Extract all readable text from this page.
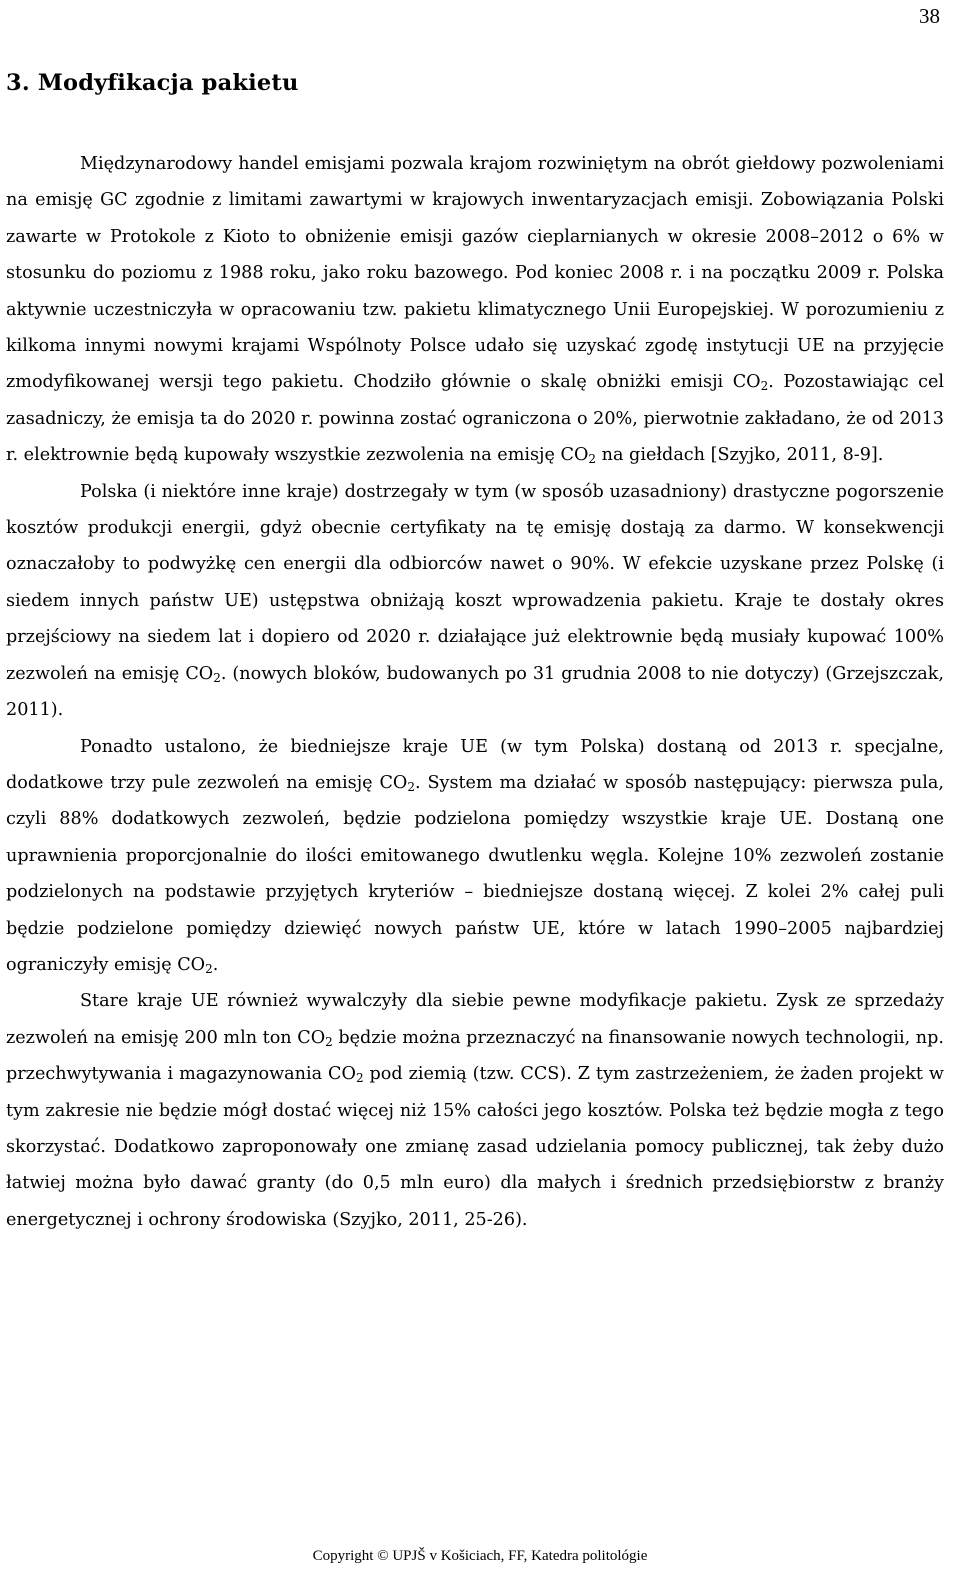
38
3. Modyfikacja pakietu

Międzynarodowy handel emisjami pozwala krajom rozwiniętym na obrót giełdowy pozwoleniami na emisję GC zgodnie z limitami zawartymi w krajowych inwentaryzacjach emisji. Zobowiązania Polski zawarte w Protokole z Kioto to obniżenie emisji gazów cieplarnianych w okresie 2008–2012 o 6% w stosunku do poziomu z 1988 roku, jako roku bazowego. Pod koniec 2008 r. i na początku 2009 r. Polska aktywnie uczestniczyła w opracowaniu tzw. pakietu klimatycznego Unii Europejskiej. W porozumieniu z kilkoma innymi nowymi krajami Wspólnoty Polsce udało się uzyskać zgodę instytucji UE na przyjęcie zmodyfikowanej wersji tego pakietu. Chodziło głównie o skalę obniżki emisji $CO_2$. Pozostawiając cel zasadniczy, że emisja ta do 2020 r. powinna zostać ograniczona o 20%, pierwotnie zakładano, że od 2013 r. elektrownie będą kupowały wszystkie zezwolenia na emisję $CO_2$ na giełdach [Szyjko, 2011, 8-9].

Polska (i niektóre inne kraje) dostrzegały w tym (w sposób uzasadniony) drastyczne pogorszenie kosztów produkcji energii, gdyż obecnie certyfikaty na tę emisję dostają za darmo. W konsekwencji oznaczałoby to podwyżkę cen energii dla odbiorców nawet o 90%. W efekcie uzyskane przez Polskę (i siedem innych państw UE) ustępstwa obniżają koszt wprowadzenia pakietu. Kraje te dostały okres przejściowy na siedem lat i dopiero od 2020 r. działające już elektrownie będą musiały kupować 100% zezwoleń na emisję $CO_2$. (nowych bloków, budowanych po 31 grudnia 2008 to nie dotyczy) (Grzejszczak, 2011).

Ponadto ustalono, że biedniejsze kraje UE (w tym Polska) dostaną od 2013 r. specjalne, dodatkowe trzy pule zezwoleń na emisję $CO_2$. System ma działać w sposób następujący: pierwsza pula, czyli 88% dodatkowych zezwoleń, będzie podzielona pomiędzy wszystkie kraje UE. Dostaną one uprawnienia proporcjonalnie do ilości emitowanego dwutlenku węgla. Kolejne 10% zezwoleń zostanie podzielonych na podstawie przyjętych kryteriów – biedniejsze dostaną więcej. Z kolei 2% całej puli będzie podzielone pomiędzy dziewięć nowych państw UE, które w latach 1990–2005 najbardziej ograniczyły emisję $CO_2$.

Stare kraje UE również wywalczyły dla siebie pewne modyfikacje pakietu. Zysk ze sprzedaży zezwoleń na emisję 200 mln ton $CO_2$ będzie można przeznaczyć na finansowanie nowych technologii, np. przechwytywania i magazynowania $CO_2$ pod ziemią (tzw. CCS). Z tym zastrzeżeniem, że żaden projekt w tym zakresie nie będzie mógł dostać więcej niż 15% całości jego kosztów. Polska też będzie mogła z tego skorzystać. Dodatkowo zaproponowały one zmianę zasad udzielania pomocy publicznej, tak żeby dużo łatwiej można było dawać granty (do 0,5 mln euro) dla małych i średnich przedsiębiorstw z branży energetycznej i ochrony środowiska (Szyjko, 2011, 25-26).

Copyright © UPJŠ v Košiciach, FF, Katedra politológie
